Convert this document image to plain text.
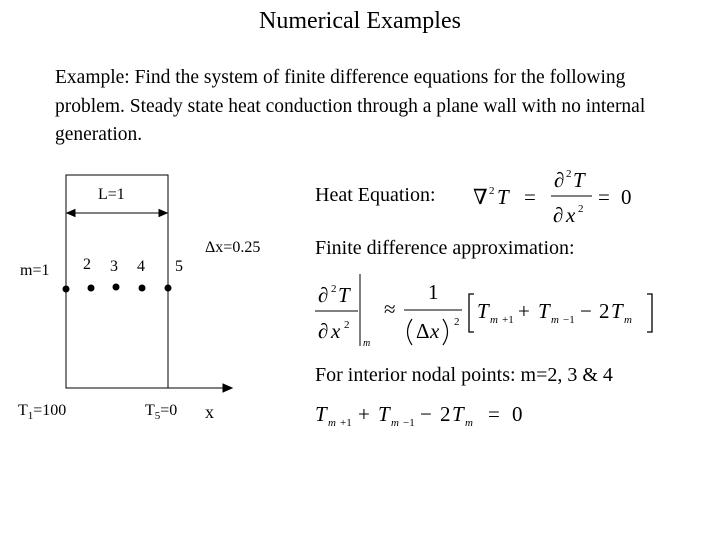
Numerical Examples
Example: Find the system of finite difference equations for the following problem. Steady state heat conduction through a plane wall with no internal generation.
L=1
Δx=0.25
m=1 2 3 4 5
$T_1=100$	$T_5=0$ x
Heat Equation: ∇ 2 T =
∂ 2 T
∂ x 2 = 0
Finite difference approximation:
∂ 2 T
∂ x 2
m
≈
1
Δ x 2 T m +1 + T m −1 − 2 T m
For interior nodal points: m=2, 3 & 4
T m +1 + T m −1 − 2 T m = 0
